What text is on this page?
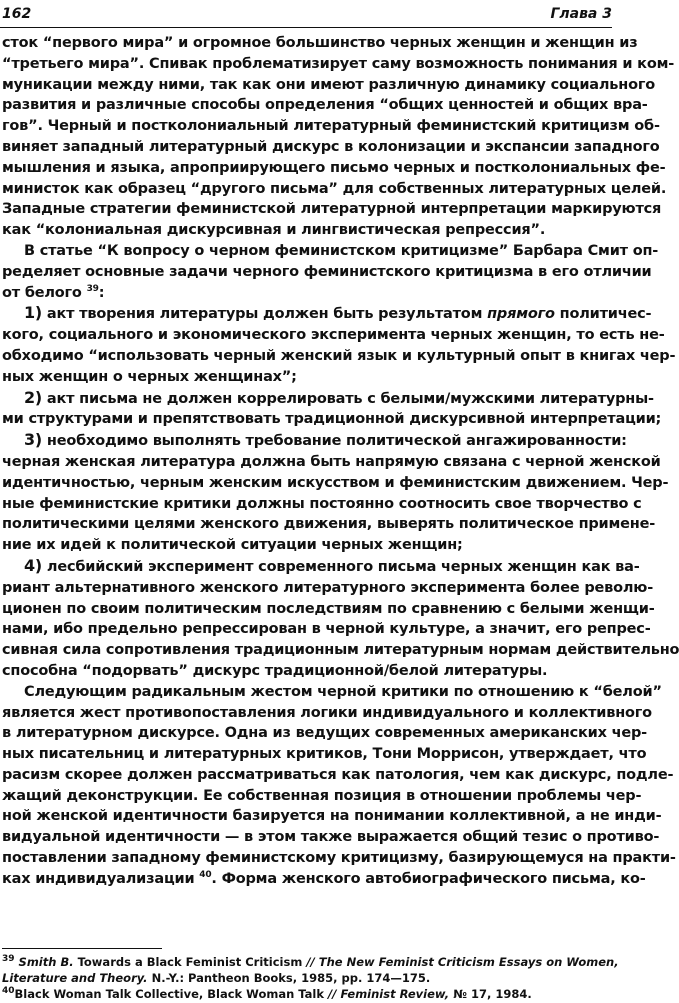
162	Глава 3
сток “первого мира” и огромное большинство черных женщин и женщин из
“третьего мира”. Спивак проблематизирует саму возможность понимания и ком-
муникации между ними, так как они имеют различную динамику социального
развития и различные способы определения “общих ценностей и общих вра-
гов”. Черный и постколониальный литературный феминистский критицизм об-
виняет западный литературный дискурс в колонизации и экспансии западного
мышления и языка, апроприирующего письмо черных и постколониальных фе-
министок как образец “другого письма” для собственных литературных целей.
Западные стратегии феминистской литературной интерпретации маркируются
как “колониальная дискурсивная и лингвистическая репрессия”.
В статье “К вопросу о черном феминистском критицизме” Барбара Смит оп-
ределяет основные задачи черного феминистского критицизма в его отличии
от белого $^{39}$:
1) акт творения литературы должен быть результатом прямого политичес-
кого, социального и экономического эксперимента черных женщин, то есть не-
обходимо “использовать черный женский язык и культурный опыт в книгах чер-
ных женщин о черных женщинах”;
2) акт письма не должен коррелировать с белыми/мужскими литературны-
ми структурами и препятствовать традиционной дискурсивной интерпретации;
3) необходимо выполнять требование политической ангажированности:
черная женская литература должна быть напрямую связана с черной женской
идентичностью, черным женским искусством и феминистским движением. Чер-
ные феминистские критики должны постоянно соотносить свое творчество с
политическими целями женского движения, выверять политическое примене-
ние их идей к политической ситуации черных женщин;
4) лесбийский эксперимент современного письма черных женщин как ва-
риант альтернативного женского литературного эксперимента более револю-
ционен по своим политическим последствиям по сравнению с белыми женщи-
нами, ибо предельно репрессирован в черной культуре, а значит, его репрес-
сивная сила сопротивления традиционным литературным нормам действительно
способна “подорвать” дискурс традиционной/белой литературы.
Следующим радикальным жестом черной критики по отношению к “белой”
является жест противопоставления логики индивидуального и коллективного
в литературном дискурсе. Одна из ведущих современных американских чер-
ных писательниц и литературных критиков, Тони Моррисон, утверждает, что
расизм скорее должен рассматриваться как патология, чем как дискурс, подле-
жащий деконструкции. Ее собственная позиция в отношении проблемы чер-
ной женской идентичности базируется на понимании коллективной, а не инди-
видуальной идентичности — в этом также выражается общий тезис о противо-
поставлении западному феминистскому критицизму, базирующемуся на практи-
ках индивидуализации $^{40}$. Форма женского автобиографического письма, ко-
$^{39}$ Smith B. Towards a Black Feminist Criticism // The New Feminist Criticism Essays on Women,
Literature and Theory. N.-Y.: Pantheon Books, 1985, pp. 174—175.
$^{40}$Black Woman Talk Collective, Black Woman Talk // Feminist Review, № 17, 1984.
